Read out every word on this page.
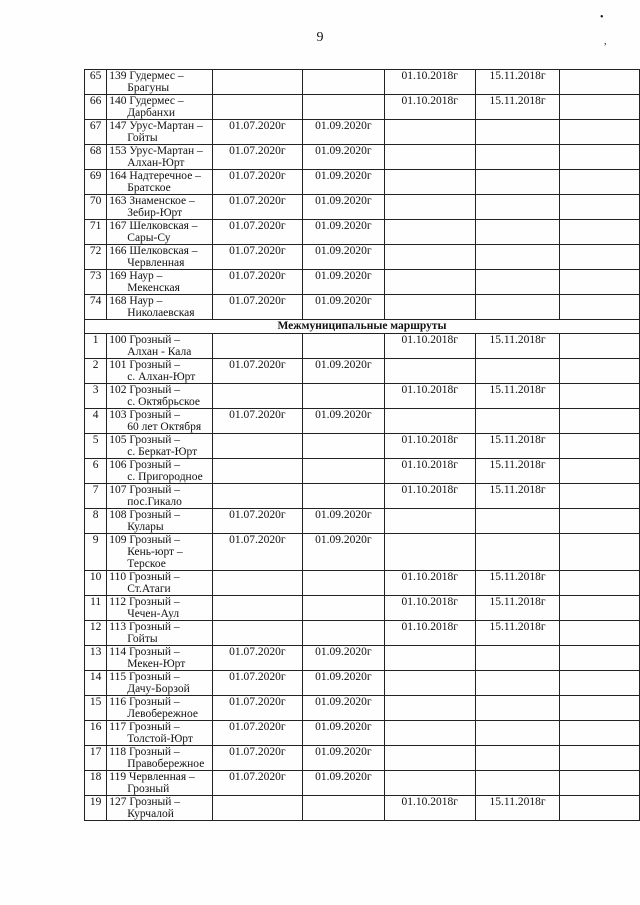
9
•
,
65	139 Гудермес –
Брагуны			01.10.2018г	15.11.2018г	
66	140 Гудермес –
Дарбанхи			01.10.2018г	15.11.2018г	
67	147 Урус-Мартан –
Гойты	01.07.2020г	01.09.2020г			
68	153 Урус-Мартан –
Алхан-Юрт	01.07.2020г	01.09.2020г			
69	164 Надтеречное –
Братское	01.07.2020г	01.09.2020г			
70	163 Знаменское –
Зебир-Юрт	01.07.2020г	01.09.2020г			
71	167 Шелковская –
Сары-Су	01.07.2020г	01.09.2020г			
72	166 Шелковская –
Червленная	01.07.2020г	01.09.2020г			
73	169 Наур –
Мекенская	01.07.2020г	01.09.2020г			
74	168 Наур –
Николаевская	01.07.2020г	01.09.2020г			
Межмуниципальные маршруты						
1	100 Грозный –
Алхан - Кала			01.10.2018г	15.11.2018г	
2	101 Грозный –
с. Алхан-Юрт	01.07.2020г	01.09.2020г			
3	102 Грозный –
с. Октябрьское			01.10.2018г	15.11.2018г	
4	103 Грозный –
60 лет Октября	01.07.2020г	01.09.2020г			
5	105 Грозный –
с. Беркат-Юрт			01.10.2018г	15.11.2018г	
6	106 Грозный –
с. Пригородное			01.10.2018г	15.11.2018г	
7	107 Грозный –
пос.Гикало			01.10.2018г	15.11.2018г	
8	108 Грозный –
Кулары	01.07.2020г	01.09.2020г			
9	109 Грозный –
Кень-юрт –
Терское	01.07.2020г	01.09.2020г			
10	110 Грозный –
Ст.Атаги			01.10.2018г	15.11.2018г	
11	112 Грозный –
Чечен-Аул			01.10.2018г	15.11.2018г	
12	113 Грозный –
Гойты			01.10.2018г	15.11.2018г	
13	114 Грозный –
Мекен-Юрт	01.07.2020г	01.09.2020г			
14	115 Грозный –
Дачу-Борзой	01.07.2020г	01.09.2020г			
15	116 Грозный –
Левобережное	01.07.2020г	01.09.2020г			
16	117 Грозный –
Толстой-Юрт	01.07.2020г	01.09.2020г			
17	118 Грозный –
Правобережное	01.07.2020г	01.09.2020г			
18	119 Червленная –
Грозный	01.07.2020г	01.09.2020г			
19	127 Грозный –
Курчалой			01.10.2018г	15.11.2018г	
